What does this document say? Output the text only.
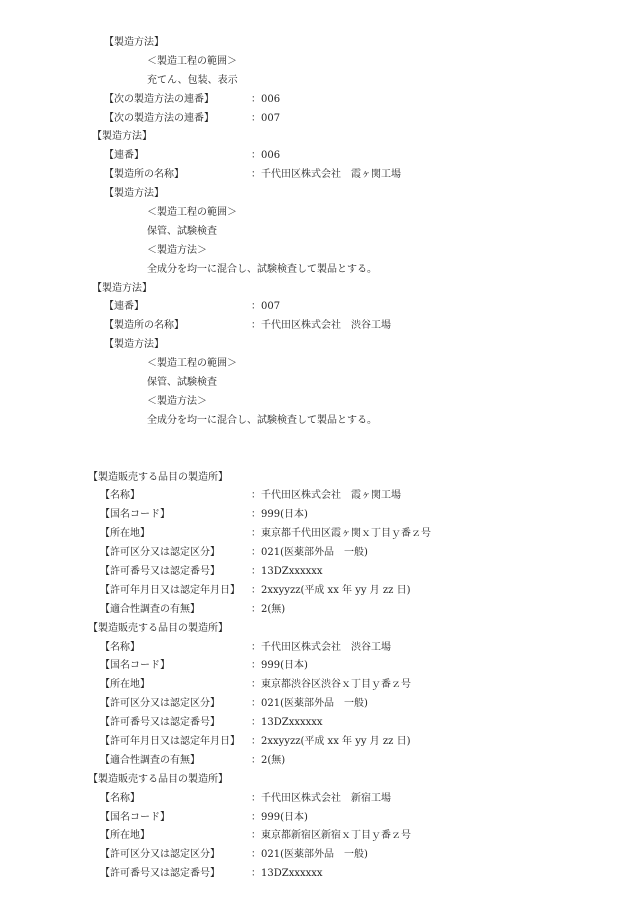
【製造方法】
＜製造工程の範囲＞
充てん、包装、表示
【次の製造方法の連番】	：006
【次の製造方法の連番】	：007
【製造方法】
【連番】	：006
【製造所の名称】	：千代田区株式会社　霞ヶ関工場
【製造方法】
＜製造工程の範囲＞
保管、試験検査
＜製造方法＞
全成分を均一に混合し、試験検査して製品とする。
【製造方法】
【連番】	：007
【製造所の名称】	：千代田区株式会社　渋谷工場
【製造方法】
＜製造工程の範囲＞
保管、試験検査
＜製造方法＞
全成分を均一に混合し、試験検査して製品とする。
【製造販売する品目の製造所】
【名称】	：千代田区株式会社　霞ヶ関工場
【国名コード】	：999(日本)
【所在地】	：東京都千代田区霞ヶ関ｘ丁目ｙ番ｚ号
【許可区分又は認定区分】	：021(医薬部外品　一般)
【許可番号又は認定番号】	：13DZxxxxxx
【許可年月日又は認定年月日】 ：2xxyyzz(平成 xx 年 yy 月 zz 日)
【適合性調査の有無】	：2(無)
【製造販売する品目の製造所】
【名称】	：千代田区株式会社　渋谷工場
【国名コード】	：999(日本)
【所在地】	：東京都渋谷区渋谷ｘ丁目ｙ番ｚ号
【許可区分又は認定区分】	：021(医薬部外品　一般)
【許可番号又は認定番号】	：13DZxxxxxx
【許可年月日又は認定年月日】 ：2xxyyzz(平成 xx 年 yy 月 zz 日)
【適合性調査の有無】	：2(無)
【製造販売する品目の製造所】
【名称】	：千代田区株式会社　新宿工場
【国名コード】	：999(日本)
【所在地】	：東京都新宿区新宿ｘ丁目ｙ番ｚ号
【許可区分又は認定区分】	：021(医薬部外品　一般)
【許可番号又は認定番号】	：13DZxxxxxx
